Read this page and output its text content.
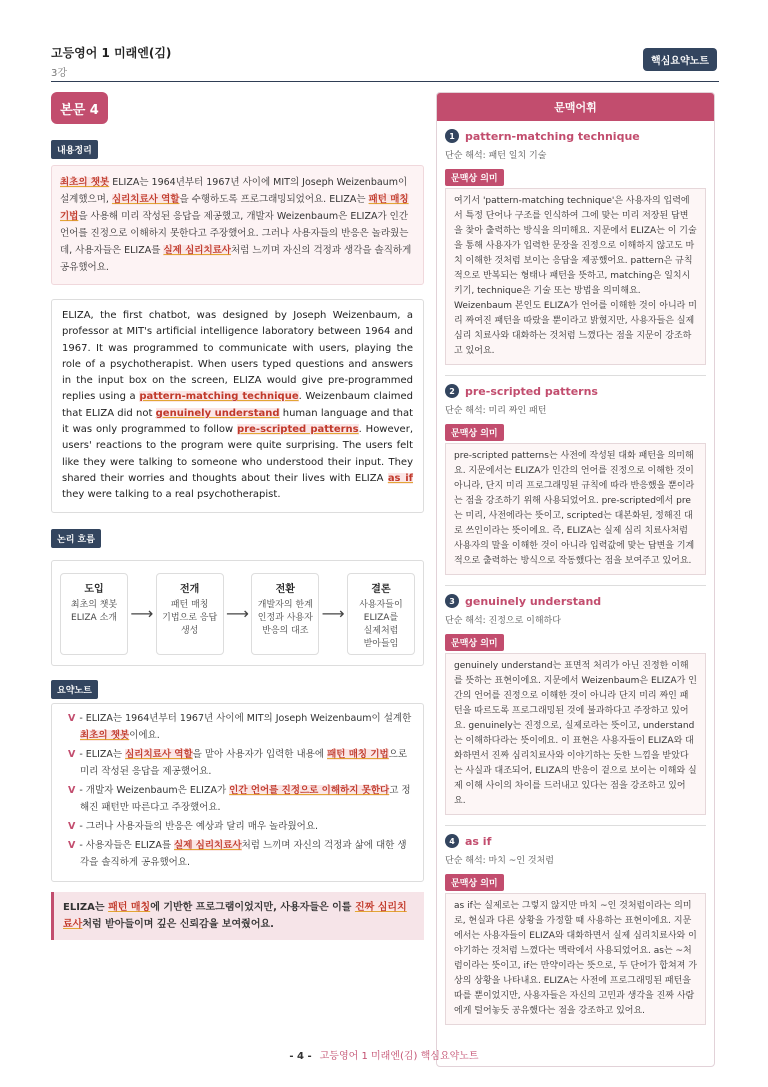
고등영어 1 미래엔(김)
3강
핵심요약노트
본문 4
내용정리
최초의 챗봇 ELIZA는 1964년부터 1967년 사이에 MIT의 Joseph Weizenbaum이 설계했으며, 심리치료사 역할을 수행하도록 프로그래밍되었어요. ELIZA는 패턴 매칭 기법을 사용해 미리 작성된 응답을 제공했고, 개발자 Weizenbaum은 ELIZA가 인간 언어를 진정으로 이해하지 못한다고 주장했어요. 그러나 사용자들의 반응은 놀라웠는데, 사용자들은 ELIZA를 실제 심리치료사처럼 느끼며 자신의 걱정과 생각을 솔직하게 공유했어요.
ELIZA, the first chatbot, was designed by Joseph Weizenbaum, a professor at MIT's artificial intelligence laboratory between 1964 and 1967. It was programmed to communicate with users, playing the role of a psychotherapist. When users typed questions and answers in the input box on the screen, ELIZA would give pre-programmed replies using a pattern-matching technique. Weizenbaum claimed that ELIZA did not genuinely understand human language and that it was only programmed to follow pre-scripted patterns. However, users' reactions to the program were quite surprising. The users felt like they were talking to someone who understood their input. They shared their worries and thoughts about their lives with ELIZA as if they were talking to a real psychotherapist.
논리 흐름
도입
최초의 챗봇
ELIZA 소개 ⟶
전개
패턴 매칭
기법으로 응답
생성
⟶
전환
개발자의 한계
인정과 사용자
반응의 대조
⟶
결론
사용자들이
ELIZA를
실제처럼
받아들임
요약노트
V - ELIZA는 1964년부터 1967년 사이에 MIT의 Joseph Weizenbaum이 설계한 최초의 챗봇이에요.
V - ELIZA는 심리치료사 역할을 맡아 사용자가 입력한 내용에 패턴 매칭 기법으로 미리 작성된 응답을 제공했어요.
V - 개발자 Weizenbaum은 ELIZA가 인간 언어를 진정으로 이해하지 못한다고 정해진 패턴만 따른다고 주장했어요.
V - 그러나 사용자들의 반응은 예상과 달리 매우 놀라웠어요.
V - 사용자들은 ELIZA를 실제 심리치료사처럼 느끼며 자신의 걱정과 삶에 대한 생각을 솔직하게 공유했어요.
ELIZA는 패턴 매칭에 기반한 프로그램이었지만, 사용자들은 이를 진짜 심리치료사처럼 받아들이며 깊은 신뢰감을 보여줬어요.
문맥어휘
1 pattern-matching technique
단순 해석: 패턴 일치 기술
문맥상 의미
여기서 'pattern-matching technique'은 사용자의 입력에서 특정 단어나 구조를 인식하여 그에 맞는 미리 저장된 답변을 찾아 출력하는 방식을 의미해요. 지문에서 ELIZA는 이 기술을 통해 사용자가 입력한 문장을 진정으로 이해하지 않고도 마치 이해한 것처럼 보이는 응답을 제공했어요. pattern은 규칙적으로 반복되는 형태나 패턴을 뜻하고, matching은 일치시키기, technique은 기술 또는 방법을 의미해요. Weizenbaum 본인도 ELIZA가 언어를 이해한 것이 아니라 미리 짜여진 패턴을 따랐을 뿐이라고 밝혔지만, 사용자들은 실제 심리 치료사와 대화하는 것처럼 느꼈다는 점을 지문이 강조하고 있어요.
2 pre-scripted patterns
단순 해석: 미리 짜인 패턴
문맥상 의미
pre-scripted patterns는 사전에 작성된 대화 패턴을 의미해요. 지문에서는 ELIZA가 인간의 언어를 진정으로 이해한 것이 아니라, 단지 미리 프로그래밍된 규칙에 따라 반응했을 뿐이라는 점을 강조하기 위해 사용되었어요. pre-scripted에서 pre는 미리, 사전에라는 뜻이고, scripted는 대본화된, 정해진 대로 쓰인이라는 뜻이에요. 즉, ELIZA는 실제 심리 치료사처럼 사용자의 말을 이해한 것이 아니라 입력값에 맞는 답변을 기계적으로 출력하는 방식으로 작동했다는 점을 보여주고 있어요.
3 genuinely understand
단순 해석: 진정으로 이해하다
문맥상 의미
genuinely understand는 표면적 처리가 아닌 진정한 이해를 뜻하는 표현이에요. 지문에서 Weizenbaum은 ELIZA가 인간의 언어를 진정으로 이해한 것이 아니라 단지 미리 짜인 패턴을 따르도록 프로그래밍된 것에 불과하다고 주장하고 있어요. genuinely는 진정으로, 실제로라는 뜻이고, understand는 이해하다라는 뜻이에요. 이 표현은 사용자들이 ELIZA와 대화하면서 진짜 심리치료사와 이야기하는 듯한 느낌을 받았다는 사실과 대조되어, ELIZA의 반응이 겉으로 보이는 이해와 실제 이해 사이의 차이를 드러내고 있다는 점을 강조하고 있어요.
4 as if
단순 해석: 마치 ~인 것처럼
문맥상 의미
as if는 실제로는 그렇지 않지만 마치 ~인 것처럼이라는 의미로, 현실과 다른 상황을 가정할 때 사용하는 표현이에요. 지문에서는 사용자들이 ELIZA와 대화하면서 실제 심리치료사와 이야기하는 것처럼 느꼈다는 맥락에서 사용되었어요. as는 ~처럼이라는 뜻이고, if는 만약이라는 뜻으로, 두 단어가 합쳐져 가상의 상황을 나타내요. ELIZA는 사전에 프로그래밍된 패턴을 따를 뿐이었지만, 사용자들은 자신의 고민과 생각을 진짜 사람에게 털어놓듯 공유했다는 점을 강조하고 있어요.
- 4 - 고등영어 1 미래엔(김) 핵심요약노트
